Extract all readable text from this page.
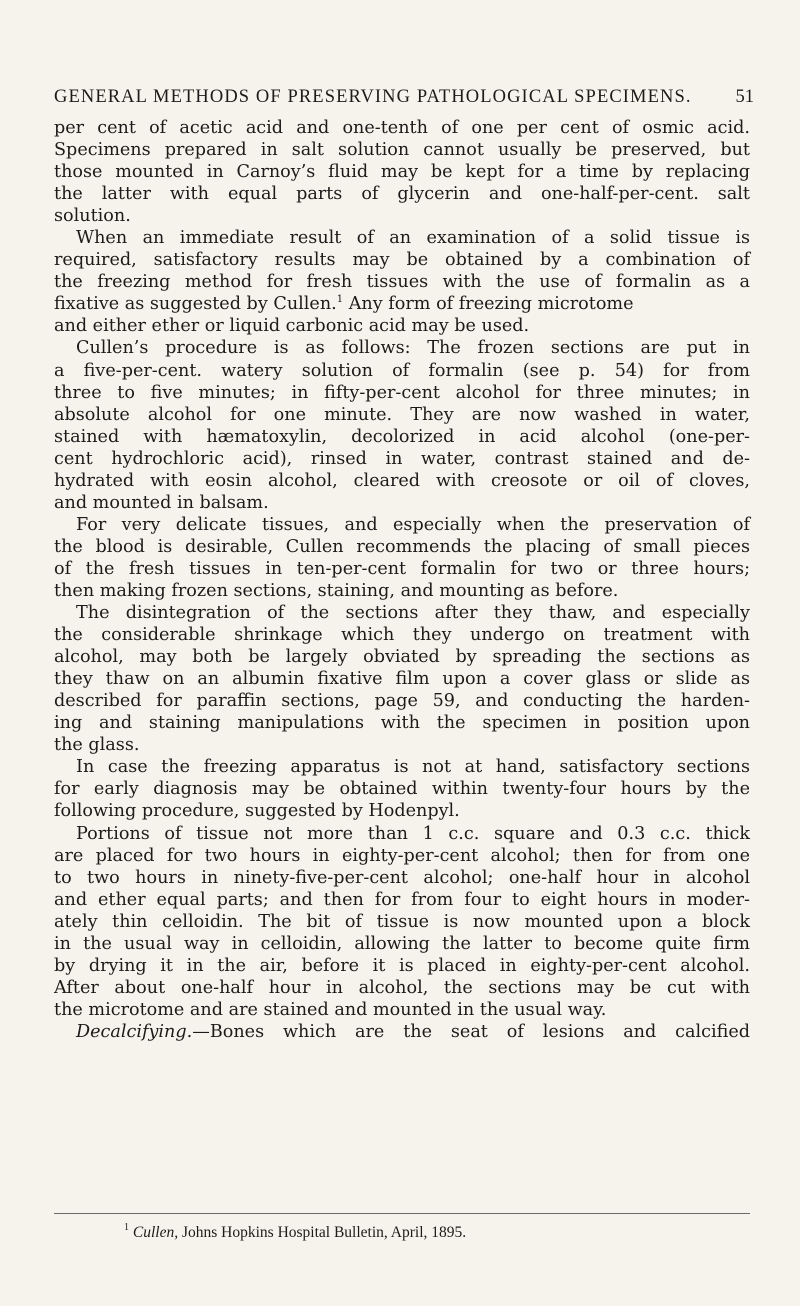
GENERAL METHODS OF PRESERVING PATHOLOGICAL SPECIMENS. 51
per cent of acetic acid and one-tenth of one per cent of osmic acid.
Specimens prepared in salt solution cannot usually be preserved, but
those mounted in Carnoy’s fluid may be kept for a time by replacing
the latter with equal parts of glycerin and one-half-per-cent. salt
solution.
When an immediate result of an examination of a solid tissue is
required, satisfactory results may be obtained by a combination of
the freezing method for fresh tissues with the use of formalin as a
fixative as suggested by Cullen.$^1$ Any form of freezing microtome
and either ether or liquid carbonic acid may be used.
Cullen’s procedure is as follows: The frozen sections are put in
a five-per-cent. watery solution of formalin (see p. 54) for from
three to five minutes; in fifty-per-cent alcohol for three minutes; in
absolute alcohol for one minute. They are now washed in water,
stained with hæmatoxylin, decolorized in acid alcohol (one-per-
cent hydrochloric acid), rinsed in water, contrast stained and de-
hydrated with eosin alcohol, cleared with creosote or oil of cloves,
and mounted in balsam.
For very delicate tissues, and especially when the preservation of
the blood is desirable, Cullen recommends the placing of small pieces
of the fresh tissues in ten-per-cent formalin for two or three hours;
then making frozen sections, staining, and mounting as before.
The disintegration of the sections after they thaw, and especially
the considerable shrinkage which they undergo on treatment with
alcohol, may both be largely obviated by spreading the sections as
they thaw on an albumin fixative film upon a cover glass or slide as
described for paraffin sections, page 59, and conducting the harden-
ing and staining manipulations with the specimen in position upon
the glass.
In case the freezing apparatus is not at hand, satisfactory sections
for early diagnosis may be obtained within twenty-four hours by the
following procedure, suggested by Hodenpyl.
Portions of tissue not more than 1 c.c. square and 0.3 c.c. thick
are placed for two hours in eighty-per-cent alcohol; then for from one
to two hours in ninety-five-per-cent alcohol; one-half hour in alcohol
and ether equal parts; and then for from four to eight hours in moder-
ately thin celloidin. The bit of tissue is now mounted upon a block
in the usual way in celloidin, allowing the latter to become quite firm
by drying it in the air, before it is placed in eighty-per-cent alcohol.
After about one-half hour in alcohol, the sections may be cut with
the microtome and are stained and mounted in the usual way.
Decalcifying.—Bones which are the seat of lesions and calcified
$^1$ Cullen, Johns Hopkins Hospital Bulletin, April, 1895.
